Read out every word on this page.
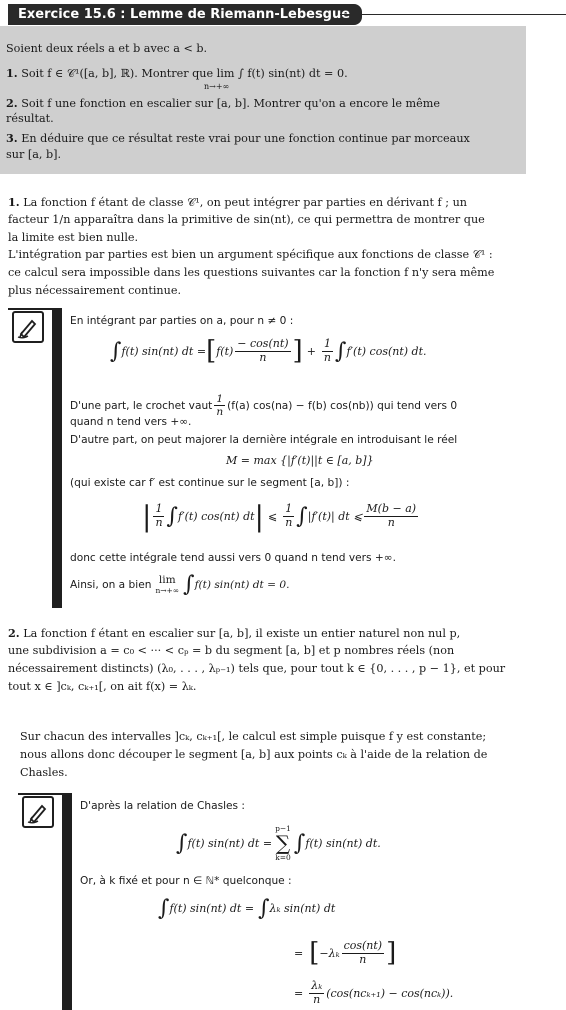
Exercice 15.6 : Lemme de Riemann-Lebesgue
Soient deux réels a et b avec a < b.
1. Soit f ∈ 𝒞¹([a, b], ℝ). Montrer que lim ∫ f(t) sin(nt) dt = 0.
n→+∞
2. Soit f une fonction en escalier sur [a, b]. Montrer qu'on a encore le même
résultat.
3. En déduire que ce résultat reste vrai pour une fonction continue par morceaux
sur [a, b].
1. La fonction f étant de classe 𝒞¹, on peut intégrer par parties en dérivant f ; un
facteur 1/n apparaîtra dans la primitive de sin(nt), ce qui permettra de montrer que
la limite est bien nulle.
L'intégration par parties est bien un argument spécifique aux fonctions de classe 𝒞¹ :
ce calcul sera impossible dans les questions suivantes car la fonction f n'y sera même
plus nécessairement continue.
En intégrant par parties on a, pour n ≠ 0 :
∫ f(t) sin(nt) dt = [ $f(t) \frac{- \cos(nt)}{n}$ ] + $\frac{1}{n}$ ∫ f′(t) cos(nt) dt.
D'une part, le crochet vaut $\frac{1}{n} (f(a) \cos(na) - f(b)$ cos(nb)) qui tend vers 0
quand n tend vers +∞.
D'autre part, on peut majorer la dernière intégrale en introduisant le réel
M = max {|f′(t)||t ∈ [a, b]}
(qui existe car f′ est continue sur le segment [a, b]) :
| $\frac{1}{n}$ ∫ f′(t) cos(nt) dt | ⩽ $\frac{1}{n}$ ∫ |f′(t)| dt ⩽ $\frac{M(b - a)}{n}$
donc cette intégrale tend aussi vers 0 quand n tend vers +∞.
Ainsi, on a bien lim
n→+∞ ∫ f(t) sin(nt) dt = 0.
2. La fonction f étant en escalier sur [a, b], il existe un entier naturel non nul p,
une subdivision a = c₀ < ··· < cₚ = b du segment [a, b] et p nombres réels (non
nécessairement distincts) (λ₀, . . . , λₚ₋₁) tels que, pour tout k ∈ {0, . . . , p − 1}, et pour
tout x ∈ ]cₖ, cₖ₊₁[, on ait f(x) = λₖ.
Sur chacun des intervalles ]cₖ, cₖ₊₁[, le calcul est simple puisque f y est constante;
nous allons donc découper le segment [a, b] aux points cₖ à l'aide de la relation de
Chasles.
D'après la relation de Chasles :
∫ f(t) sin(nt) dt =
p−1
∑
k=0
∫ f(t) sin(nt) dt.
Or, à k fixé et pour n ∈ ℕ* quelconque :
∫ f(t) sin(nt) dt = ∫ λₖ sin(nt) dt
= [ $-\lambda_k \frac{\cos(nt)}{n}$ ]
= $\frac{\text{λₖ}}{n} (\cos(nc_{k+1}) - \cos(nc_k))$.
